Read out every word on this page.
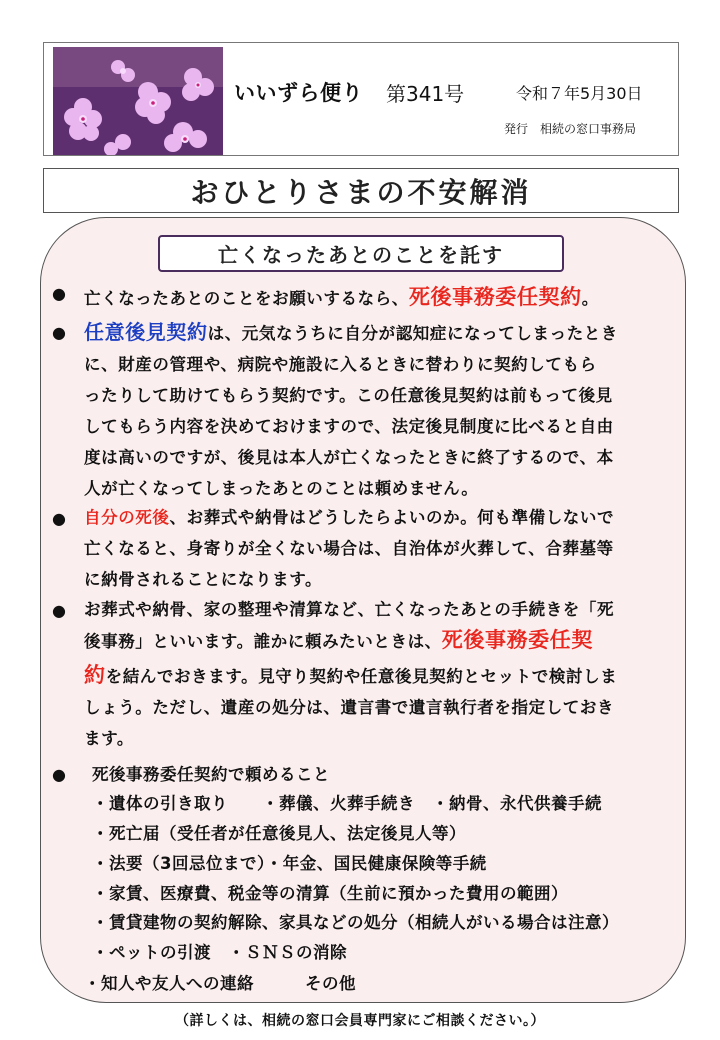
いいずら便り 第341号	令和７年5月30日
発行　相続の窓口事務局
おひとりさまの不安解消
亡くなったあとのことを託す
● 亡くなったあとのことをお願いするなら、死後事務委任契約。

● 任意後見契約は、元気なうちに自分が認知症になってしまったとき

に、財産の管理や、病院や施設に入るときに替わりに契約してもら

ったりして助けてもらう契約です。この任意後見契約は前もって後見

してもらう内容を決めておけますので、法定後見制度に比べると自由

度は高いのですが、後見は本人が亡くなったときに終了するので、本

人が亡くなってしまったあとのことは頼めません。

● 自分の死後、お葬式や納骨はどうしたらよいのか。何も準備しないで

亡くなると、身寄りが全くない場合は、自治体が火葬して、合葬墓等

に納骨されることになります。

● お葬式や納骨、家の整理や清算など、亡くなったあとの手続きを「死

後事務」といいます。誰かに頼みたいときは、死後事務委任契

約を結んでおきます。見守り契約や任意後見契約とセットで検討しま

しょう。ただし、遺産の処分は、遺言書で遺言執行者を指定しておき

ます。

● 死後事務委任契約で頼めること
・遺体の引き取り　　・葬儀、火葬手続き　・納骨、永代供養手続
・死亡届（受任者が任意後見人、法定後見人等）
・法要（3回忌位まで）・年金、国民健康保険等手続
・家賃、医療費、税金等の清算（生前に預かった費用の範囲）
・賃貸建物の契約解除、家具などの処分（相続人がいる場合は注意）
・ペットの引渡　・ＳＮＳの消除
・知人や友人への連絡　　　その他
（詳しくは、相続の窓口会員専門家にご相談ください。）
